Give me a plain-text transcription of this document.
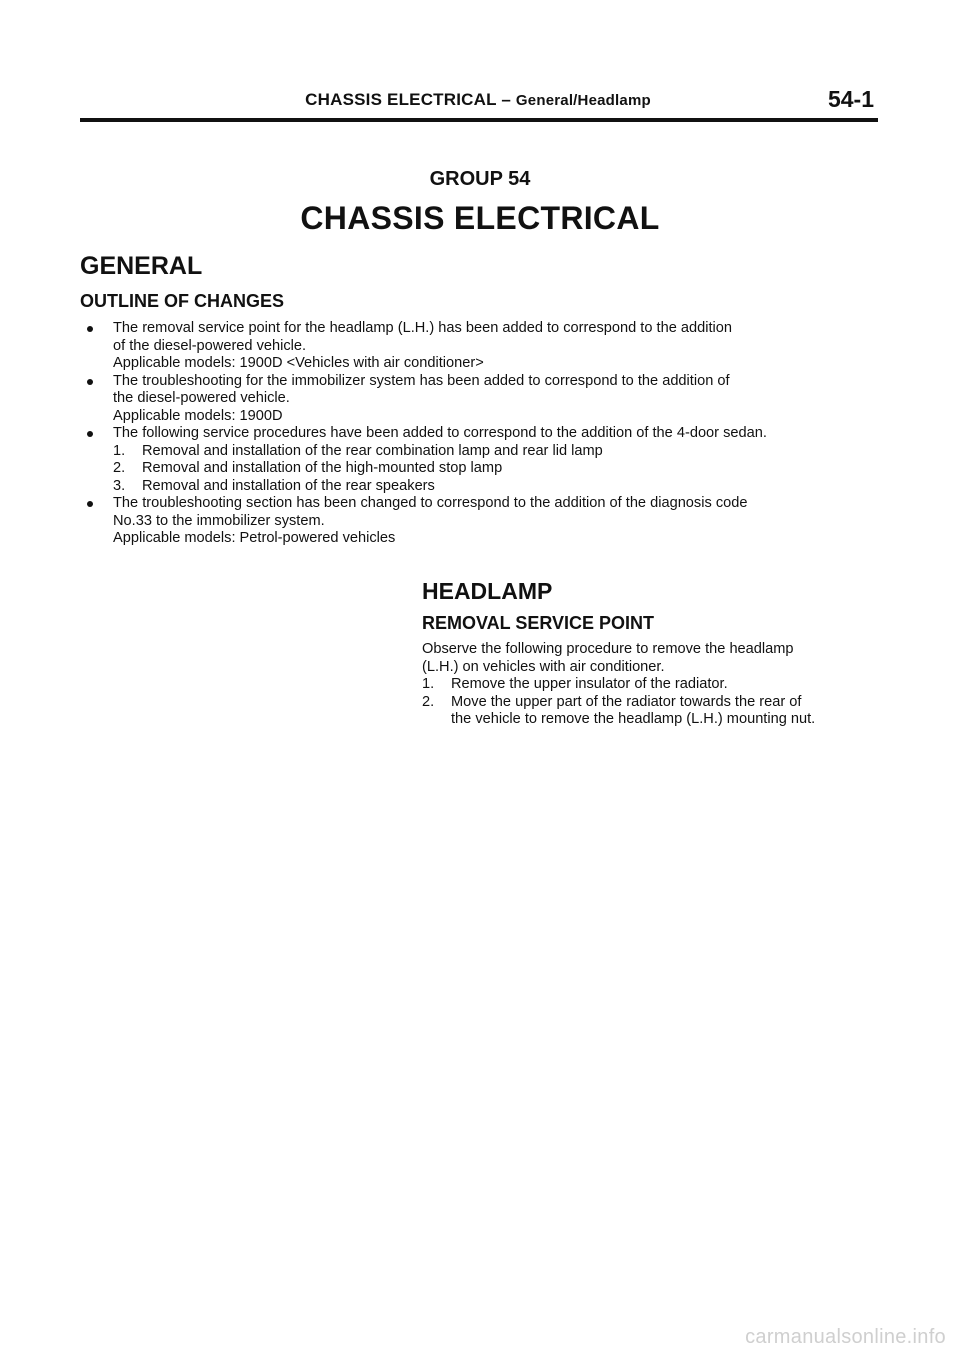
CHASSIS ELECTRICAL – General/Headlamp	54-1
GROUP 54
CHASSIS ELECTRICAL
GENERAL
OUTLINE OF CHANGES
The removal service point for the headlamp (L.H.) has been added to correspond to the addition
of the diesel-powered vehicle.
Applicable models: 1900D <Vehicles with air conditioner>
The troubleshooting for the immobilizer system has been added to correspond to the addition of
the diesel-powered vehicle.
Applicable models: 1900D
The following service procedures have been added to correspond to the addition of the 4-door sedan.
1. Removal and installation of the rear combination lamp and rear lid lamp
2. Removal and installation of the high-mounted stop lamp
3. Removal and installation of the rear speakers
The troubleshooting section has been changed to correspond to the addition of the diagnosis code
No.33 to the immobilizer system.
Applicable models: Petrol-powered vehicles
HEADLAMP
REMOVAL SERVICE POINT
Observe the following procedure to remove the headlamp
(L.H.) on vehicles with air conditioner.
1. Remove the upper insulator of the radiator.
2. Move the upper part of the radiator towards the rear of
the vehicle to remove the headlamp (L.H.) mounting nut.
carmanualsonline.info
